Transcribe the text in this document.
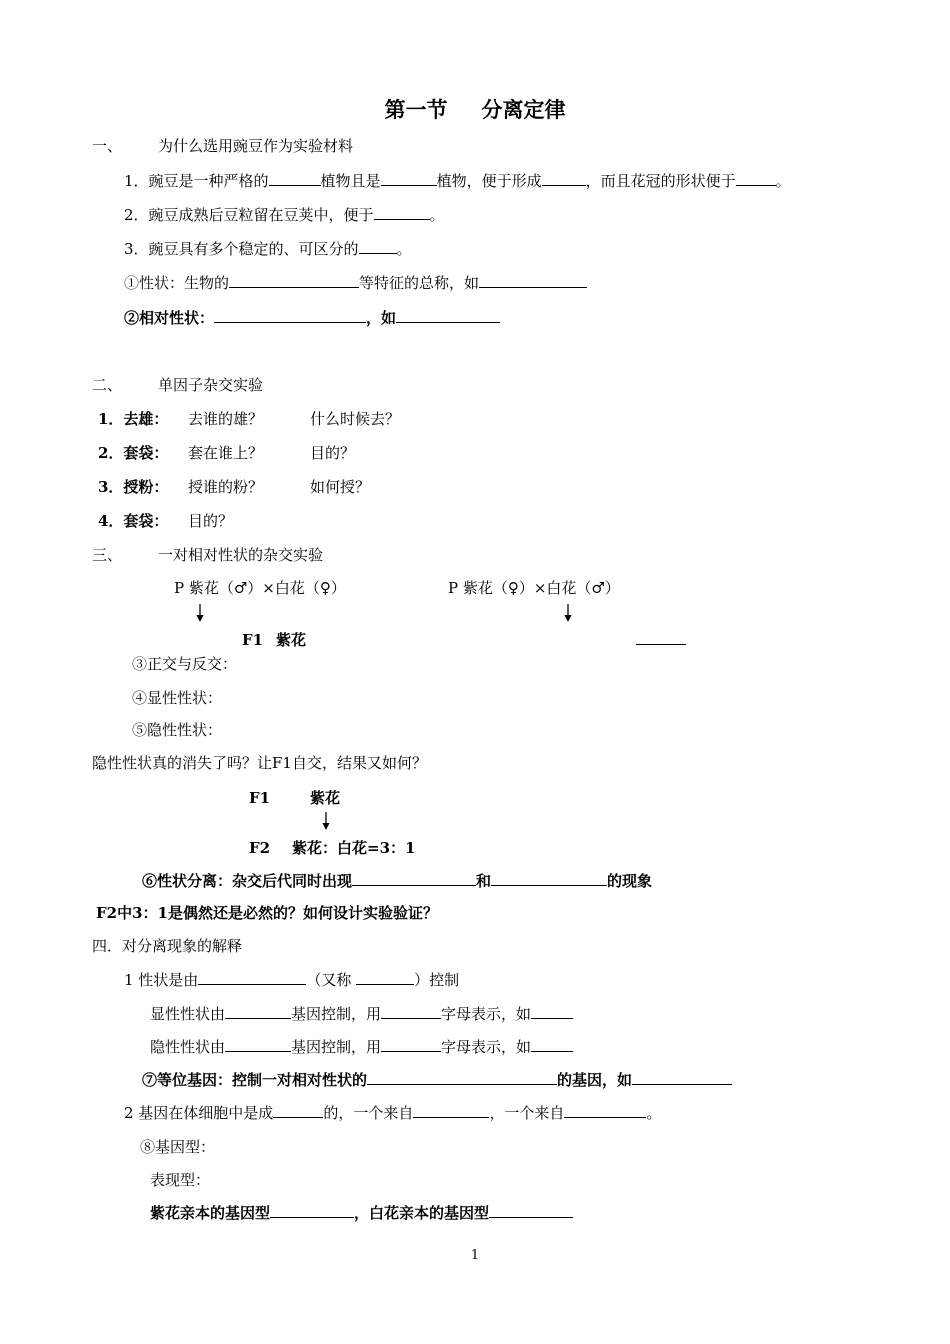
第一节 分离定律
一、 为什么选用豌豆作为实验材料
1．豌豆是一种严格的	植物且是	植物，便于形成	，而且花冠的形状便于	。
2．豌豆成熟后豆粒留在豆荚中，便于	。
3．豌豆具有多个稳定的、可区分的	。
①性状：生物的	等特征的总称，如
②相对性状：	，如
二、 单因子杂交实验
1．去雄： 去谁的雄？	什么时候去？
2．套袋： 套在谁上？	目的？
3．授粉： 授谁的粉？	如何授？
4．套袋： 目的？
三、 一对相对性状的杂交实验
P 紫花（♂）×白花（♀）	P 紫花（♀）×白花（♂）
F1 紫花
③正交与反交：
④显性性状：
⑤隐性性状：
隐性性状真的消失了吗？让F1自交，结果又如何？
F1	紫花
F2 紫花：白花=3：1
⑥性状分离：杂交后代同时出现	和	的现象
F2中3：1是偶然还是必然的？如何设计实验验证？
四．对分离现象的解释
1 性状是由	（又称	）控制
显性性状由	基因控制，用	字母表示，如
隐性性状由	基因控制，用	字母表示，如
⑦等位基因：控制一对相对性状的	的基因，如
2 基因在体细胞中是成	的，一个来自	，一个来自	。
⑧基因型：
表现型：
紫花亲本的基因型	，白花亲本的基因型
1
